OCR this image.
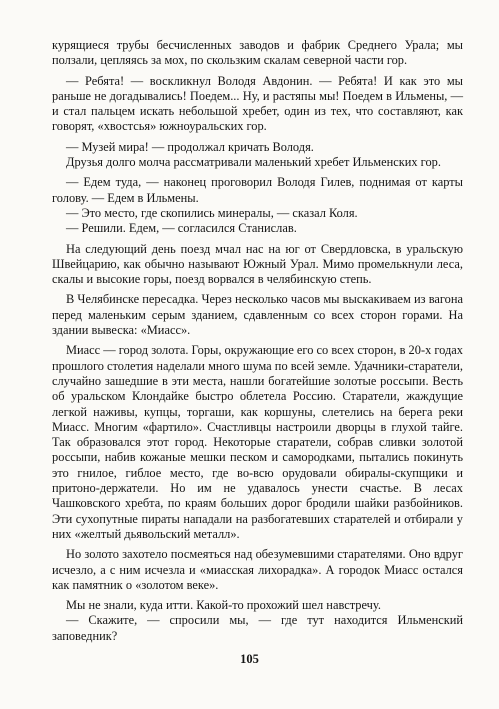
курящиеся трубы бесчисленных заводов и фабрик Среднего Урала; мы ползали, цепляясь за мох, по скользким скалам северной части гор.

— Ребята! — воскликнул Володя Авдонин. — Ребята! И как это мы раньше не догадывались! Поедем... Ну, и растяпы мы! Поедем в Ильмены, — и стал пальцем искать небольшой хребет, один из тех, что составляют, как говорят, «хвостсья» южноуральских гор.

— Музей мира! — продолжал кричать Володя.

Друзья долго молча рассматривали маленький хребет Ильменских гор.

— Едем туда, — наконец проговорил Володя Гилев, поднимая от карты голову. — Едем в Ильмены.

— Это место, где скопились минералы, — сказал Коля.

— Решили. Едем, — согласился Станислав.

На следующий день поезд мчал нас на юг от Свердловска, в уральскую Швейцарию, как обычно называют Южный Урал. Мимо промелькнули леса, скалы и высокие горы, поезд ворвался в челябинскую степь.

В Челябинске пересадка. Через несколько часов мы выскакиваем из вагона перед маленьким серым зданием, сдавленным со всех сторон горами. На здании вывеска: «Миасс».

Миасс — город золота. Горы, окружающие его со всех сторон, в 20-х годах прошлого столетия наделали много шума по всей земле. Удачники-старатели, случайно зашедшие в эти места, нашли богатейшие золотые россыпи. Весть об уральском Клондайке быстро облетела Россию. Старатели, жаждущие легкой наживы, купцы, торгаши, как коршуны, слетелись на берега реки Миасс. Многим «фартило». Счастливцы настроили дворцы в глухой тайге. Так образовался этот город. Некоторые старатели, собрав сливки золотой россыпи, набив кожаные мешки песком и самородками, пытались покинуть это гнилое, гиблое место, где во-всю орудовали обиралы-скупщики и притоно-держатели. Но им не удавалось унести счастье. В лесах Чашковского хребта, по краям больших дорог бродили шайки разбойников. Эти сухопутные пираты нападали на разбогатевших старателей и отбирали у них «желтый дьявольский металл».

Но золото захотело посмеяться над обезумевшими старателями. Оно вдруг исчезло, а с ним исчезла и «миасская лихорадка». А городок Миасс остался как памятник о «золотом веке».

Мы не знали, куда итти. Какой-то прохожий шел навстречу.

— Скажите, — спросили мы, — где тут находится Ильменский заповедник?

105
